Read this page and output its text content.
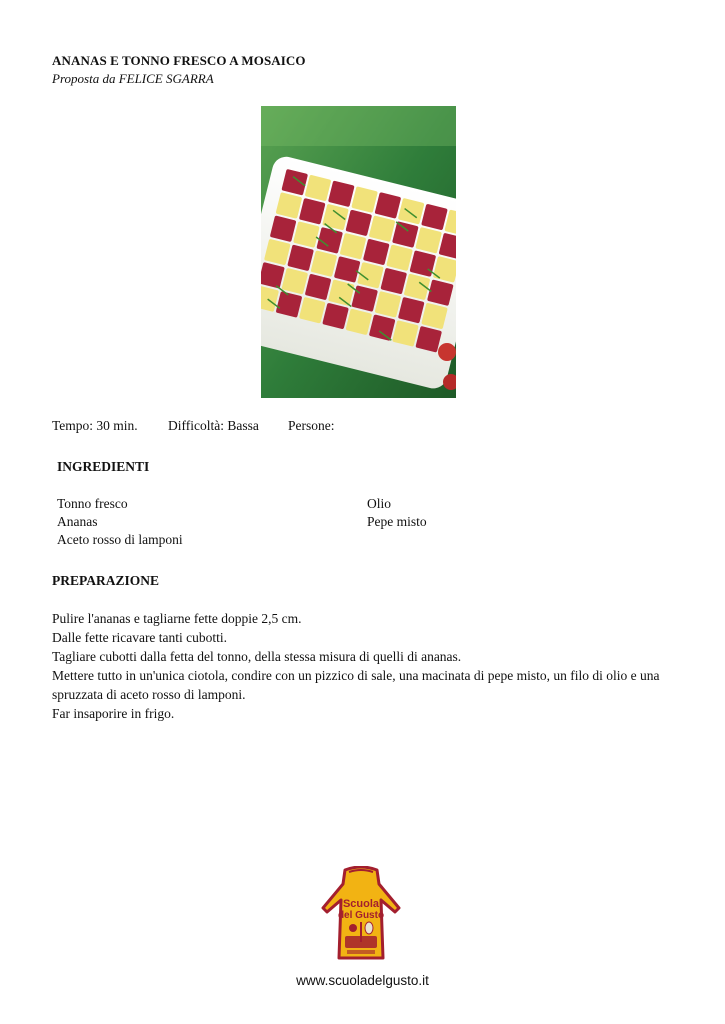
ANANAS E TONNO FRESCO A MOSAICO
Proposta da FELICE SGARRA
Tempo: 30 min. Difficoltà: Bassa Persone:
INGREDIENTI
Tonno fresco
Ananas
Aceto rosso di lamponi
Olio
Pepe misto
PREPARAZIONE
Pulire l'ananas e tagliarne fette doppie 2,5 cm.
Dalle fette ricavare tanti cubotti.
Tagliare cubotti dalla fetta del tonno, della stessa misura di quelli di ananas.
Mettere tutto in un'unica ciotola, condire con un pizzico di sale, una macinata di pepe misto, un filo di olio e una spruzzata di aceto rosso di lamponi.
Far insaporire in frigo.
Scuola
del Gusto
www.scuoladelgusto.it
